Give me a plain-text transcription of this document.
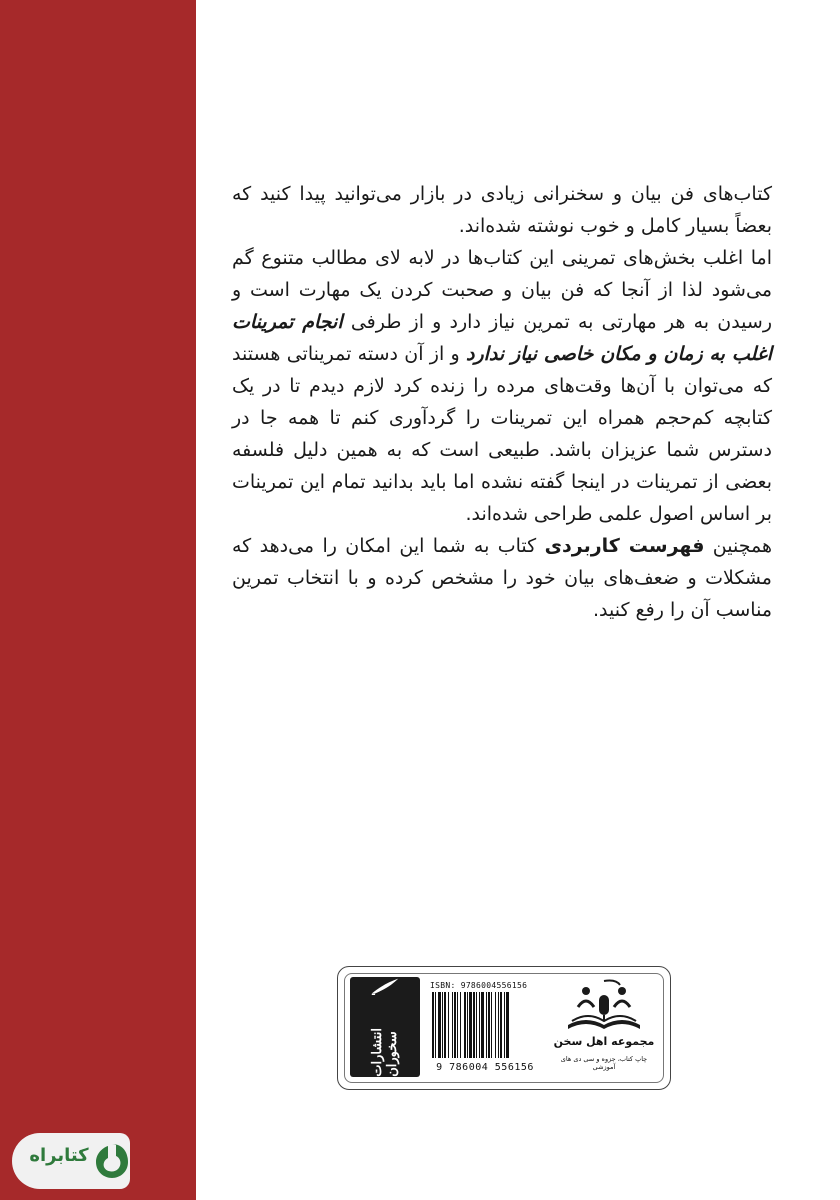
کتاب‌های فن بیان و سخنرانی زیادی در بازار می‌توانید پیدا کنید که بعضاً بسیار کامل و خوب نوشته شده‌اند.

اما اغلب بخش‌های تمرینی این کتاب‌ها در لابه لای مطالب متنوع گم می‌شود لذا از آنجا که فن بیان و صحبت کردن یک مهارت است و رسیدن به هر مهارتی به تمرین نیاز دارد و از طرفی انجام تمرینات اغلب به زمان و مکان خاصی نیاز ندارد و از آن دسته تمریناتی هستند که می‌توان با آن‌ها وقت‌های مرده را زنده کرد لازم دیدم تا در یک کتابچه کم‌حجم همراه این تمرینات را گردآوری کنم تا همه جا در دسترس شما عزیزان باشد. طبیعی است که به همین دلیل فلسفه بعضی از تمرینات در اینجا گفته نشده اما باید بدانید تمام این تمرینات بر اساس اصول علمی طراحی شده‌اند.

همچنین فهرست کاربردی کتاب به شما این امکان را می‌دهد که مشکلات و ضعف‌های بیان خود را مشخص کرده و با انتخاب تمرین مناسب آن را رفع کنید.

انتشارات سخوران
ISBN: 9786004556156
9 786004 556156
مجموعه اهل سخن
چاپ کتاب، جزوه و سی دی های آموزشی
کتابراه
